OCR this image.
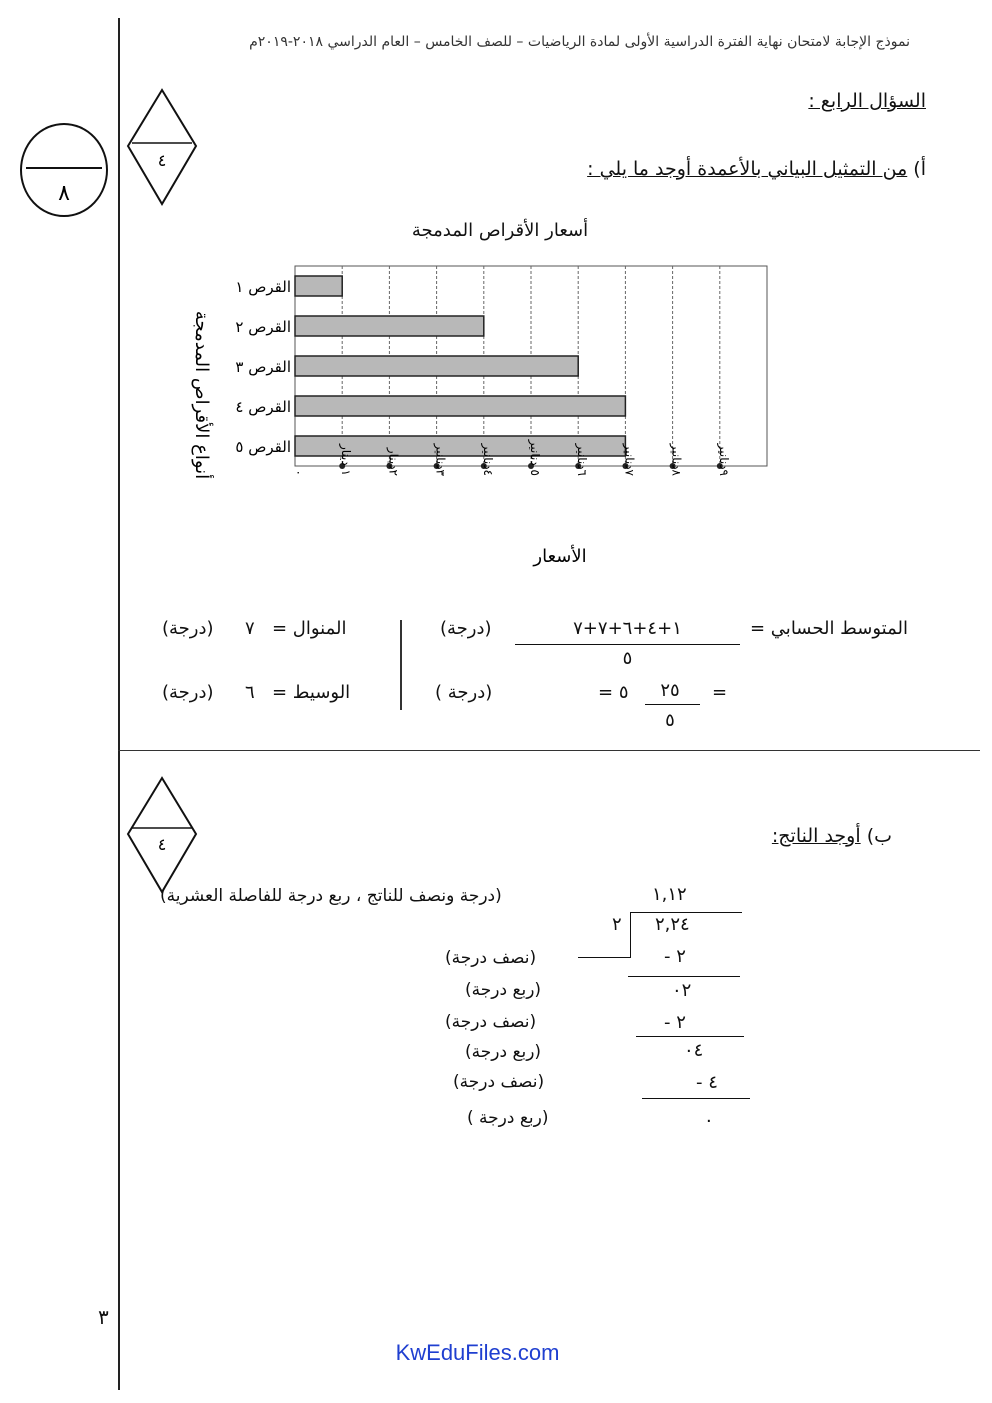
نموذج الإجابة لامتحان نهاية الفترة الدراسية الأولى لمادة الرياضيات – للصف الخامس – العام الدراسي ٢٠١٨-٢٠١٩م
٨
٤
٤
السؤال الرابع :
أ) من التمثيل البياني بالأعمدة أوجد ما يلي :
أسعار الأقراص المدمجة
القرص ١
القرص ٢
القرص ٣
القرص ٤
القرص ٥
٠
١ دينار
٢دينار
٣دنانير
٤دنانير
٥ دنانير
٦دنانير
٧دنانير
٨دنانير
٩دنانير
أنواع الأقراص المدمجة
الأسعار
المتوسط الحسابي =
١+٤+٦+٧+٧
٥
(درجة)
=
٢٥
٥
= ٥
(درجة )
المنوال =
٧
(درجة)
الوسيط =
٦
(درجة)
ب) أوجد الناتج:
١,١٢
٢ ٢,٢٤
- ٢
٠٢
- ٢
٠٤
- ٤
٠
(درجة ونصف للناتج ، ربع درجة للفاصلة العشرية)
(نصف درجة)
(ربع درجة)
(نصف درجة)
(ربع درجة)
(نصف درجة)
(ربع درجة )
٣
KwEduFiles.com
